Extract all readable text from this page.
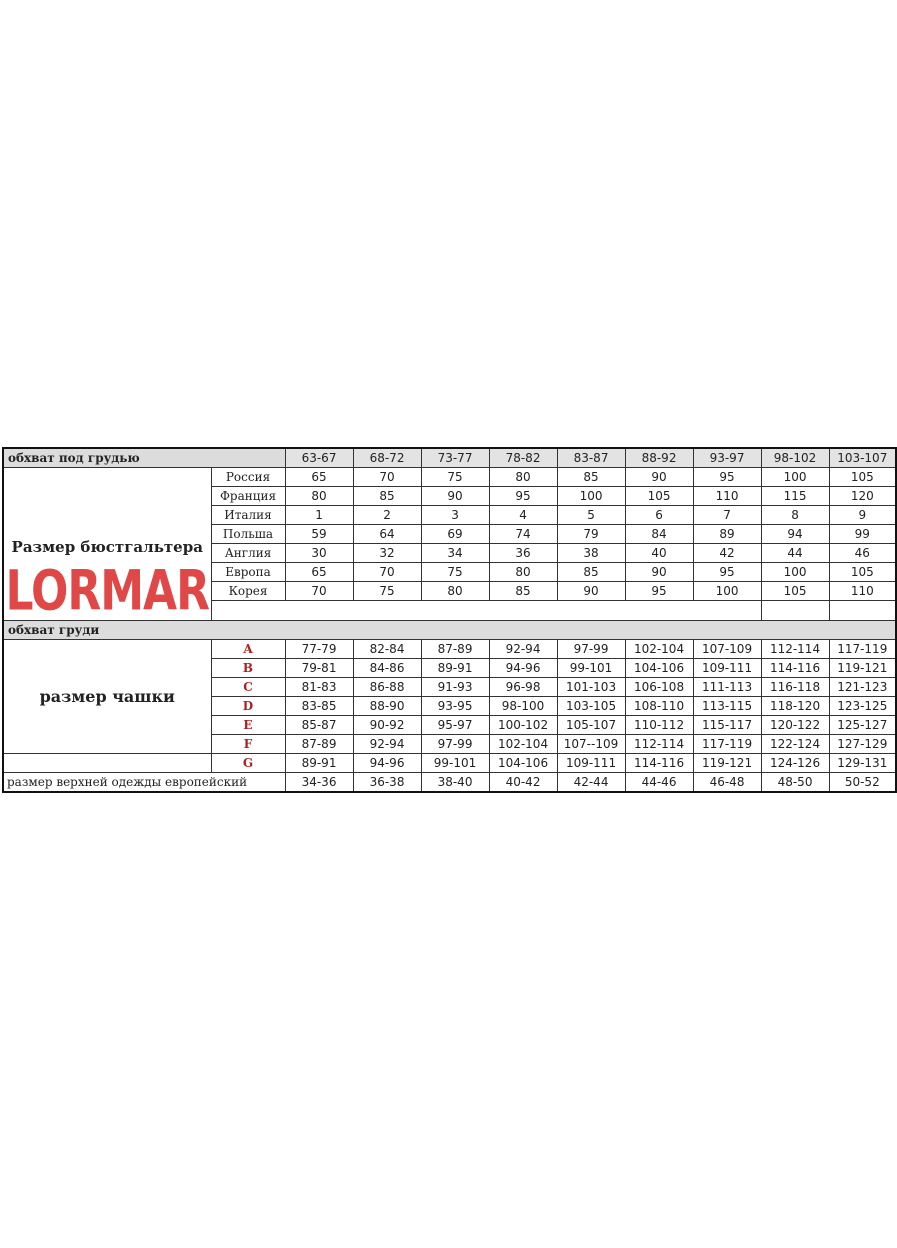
обхват под грудью		63-67	68-72	73-77	78-82	83-87	88-92	93-97	98-102	103-107

Размер бюстгальтера
LORMAR	Россия	65	70	75	80	85	90	95	100	105
	Франция	80	85	90	95	100	105	110	115	120
	Италия	1	2	3	4	5	6	7	8	9
	Польша	59	64	69	74	79	84	89	94	99
	Англия	30	32	34	36	38	40	42	44	46
	Европа	65	70	75	80	85	90	95	100	105
	Корея	70	75	80	85	90	95	100	105	110

обхват груди										
размер чашки	A	77-79	82-84	87-89	92-94	97-99	102-104	107-109	112-114	117-119
	B	79-81	84-86	89-91	94-96	99-101	104-106	109-111	114-116	119-121
	C	81-83	86-88	91-93	96-98	101-103	106-108	111-113	116-118	121-123
	D	83-85	88-90	93-95	98-100	103-105	108-110	113-115	118-120	123-125
	E	85-87	90-92	95-97	100-102	105-107	110-112	115-117	120-122	125-127
	F	87-89	92-94	97-99	102-104	107--109	112-114	117-119	122-124	127-129
	G	89-91	94-96	99-101	104-106	109-111	114-116	119-121	124-126	129-131
размер верхней одежды европейский		34-36	36-38	38-40	40-42	42-44	44-46	46-48	48-50	50-52
